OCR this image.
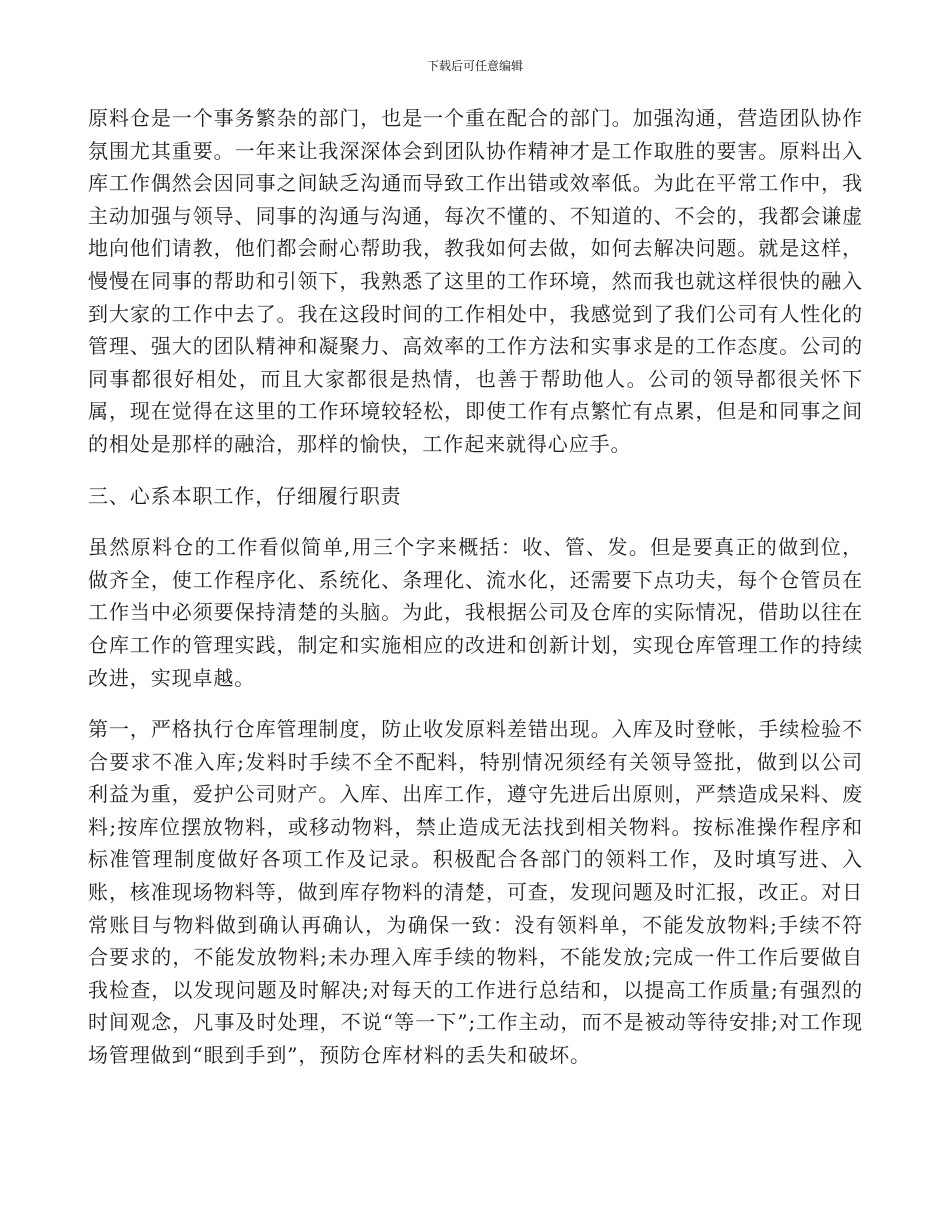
下载后可任意编辑

原料仓是一个事务繁杂的部门，也是一个重在配合的部门。加强沟通，营造团队协作氛围尤其重要。一年来让我深深体会到团队协作精神才是工作取胜的要害。原料出入库工作偶然会因同事之间缺乏沟通而导致工作出错或效率低。为此在平常工作中，我主动加强与领导、同事的沟通与沟通，每次不懂的、不知道的、不会的，我都会谦虚地向他们请教，他们都会耐心帮助我，教我如何去做，如何去解决问题。就是这样，慢慢在同事的帮助和引领下，我熟悉了这里的工作环境，然而我也就这样很快的融入到大家的工作中去了。我在这段时间的工作相处中，我感觉到了我们公司有人性化的管理、强大的团队精神和凝聚力、高效率的工作方法和实事求是的工作态度。公司的同事都很好相处，而且大家都很是热情，也善于帮助他人。公司的领导都很关怀下属，现在觉得在这里的工作环境较轻松，即使工作有点繁忙有点累，但是和同事之间的相处是那样的融洽，那样的愉快，工作起来就得心应手。

三、心系本职工作，仔细履行职责

虽然原料仓的工作看似简单,用三个字来概括：收、管、发。但是要真正的做到位，做齐全，使工作程序化、系统化、条理化、流水化，还需要下点功夫，每个仓管员在工作当中必须要保持清楚的头脑。为此，我根据公司及仓库的实际情况，借助以往在仓库工作的管理实践，制定和实施相应的改进和创新计划，实现仓库管理工作的持续改进，实现卓越。

第一，严格执行仓库管理制度，防止收发原料差错出现。入库及时登帐，手续检验不合要求不准入库;发料时手续不全不配料，特别情况须经有关领导签批，做到以公司利益为重，爱护公司财产。入库、出库工作，遵守先进后出原则，严禁造成呆料、废料;按库位摆放物料，或移动物料，禁止造成无法找到相关物料。按标准操作程序和标准管理制度做好各项工作及记录。积极配合各部门的领料工作，及时填写进、入账，核准现场物料等，做到库存物料的清楚，可查，发现问题及时汇报，改正。对日常账目与物料做到确认再确认，为确保一致：没有领料单，不能发放物料;手续不符合要求的，不能发放物料;未办理入库手续的物料，不能发放;完成一件工作后要做自我检查，以发现问题及时解决;对每天的工作进行总结和，以提高工作质量;有强烈的时间观念，凡事及时处理，不说“等一下”;工作主动，而不是被动等待安排;对工作现场管理做到“眼到手到”，预防仓库材料的丢失和破坏。
